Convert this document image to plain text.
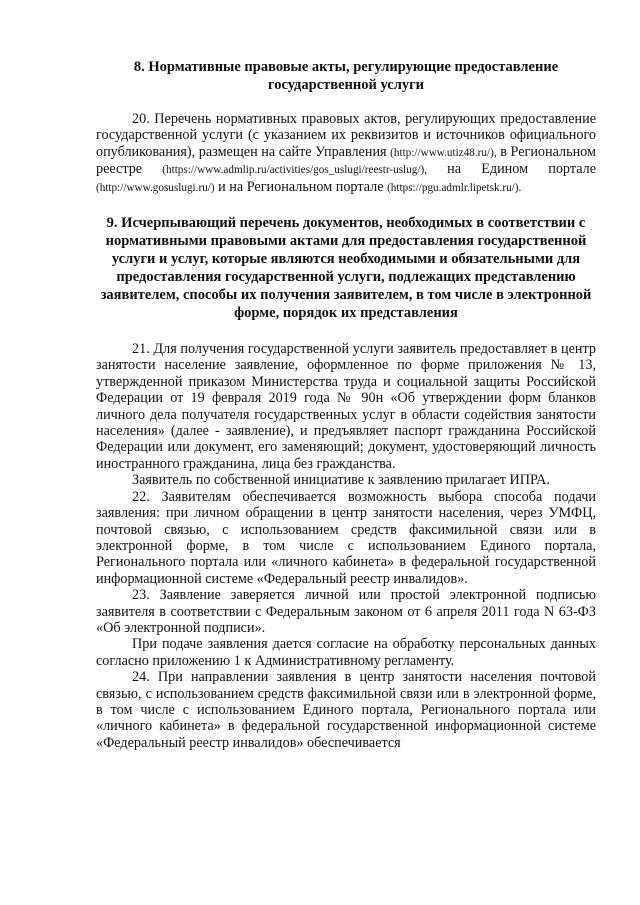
8. Нормативные правовые акты, регулирующие предоставление государственной услуги

20. Перечень нормативных правовых актов, регулирующих предоставление государственной услуги (с указанием их реквизитов и источников официального опубликования), размещен на сайте Управления (http://www.utiz48.ru/), в Региональном реестре (https://www.admlip.ru/activities/gos_uslugi/reestr-uslug/), на Едином портале (http://www.gosuslugi.ru/) и на Региональном портале (https://pgu.admlr.lipetsk.ru/).

9. Исчерпывающий перечень документов, необходимых в соответствии с нормативными правовыми актами для предоставления государственной услуги и услуг, которые являются необходимыми и обязательными для предоставления государственной услуги, подлежащих представлению заявителем, способы их получения заявителем, в том числе в электронной форме, порядок их представления

21. Для получения государственной услуги заявитель предоставляет в центр занятости население заявление, оформленное по форме приложения № 13, утвержденной приказом Министерства труда и социальной защиты Российской Федерации от 19 февраля 2019 года № 90н «Об утверждении форм бланков личного дела получателя государственных услуг в области содействия занятости населения» (далее - заявление), и предъявляет паспорт гражданина Российской Федерации или документ, его заменяющий; документ, удостоверяющий личность иностранного гражданина, лица без гражданства.

Заявитель по собственной инициативе к заявлению прилагает ИПРА.

22. Заявителям обеспечивается возможность выбора способа подачи заявления: при личном обращении в центр занятости населения, через УМФЦ, почтовой связью, с использованием средств факсимильной связи или в электронной форме, в том числе с использованием Единого портала, Регионального портала или «личного кабинета» в федеральной государственной информационной системе «Федеральный реестр инвалидов».

23. Заявление заверяется личной или простой электронной подписью заявителя в соответствии с Федеральным законом от 6 апреля 2011 года N 63-ФЗ «Об электронной подписи».

При подаче заявления дается согласие на обработку персональных данных согласно приложению 1 к Административному регламенту.

24. При направлении заявления в центр занятости населения почтовой связью, с использованием средств факсимильной связи или в электронной форме, в том числе с использованием Единого портала, Регионального портала или «личного кабинета» в федеральной государственной информационной системе «Федеральный реестр инвалидов» обеспечивается
